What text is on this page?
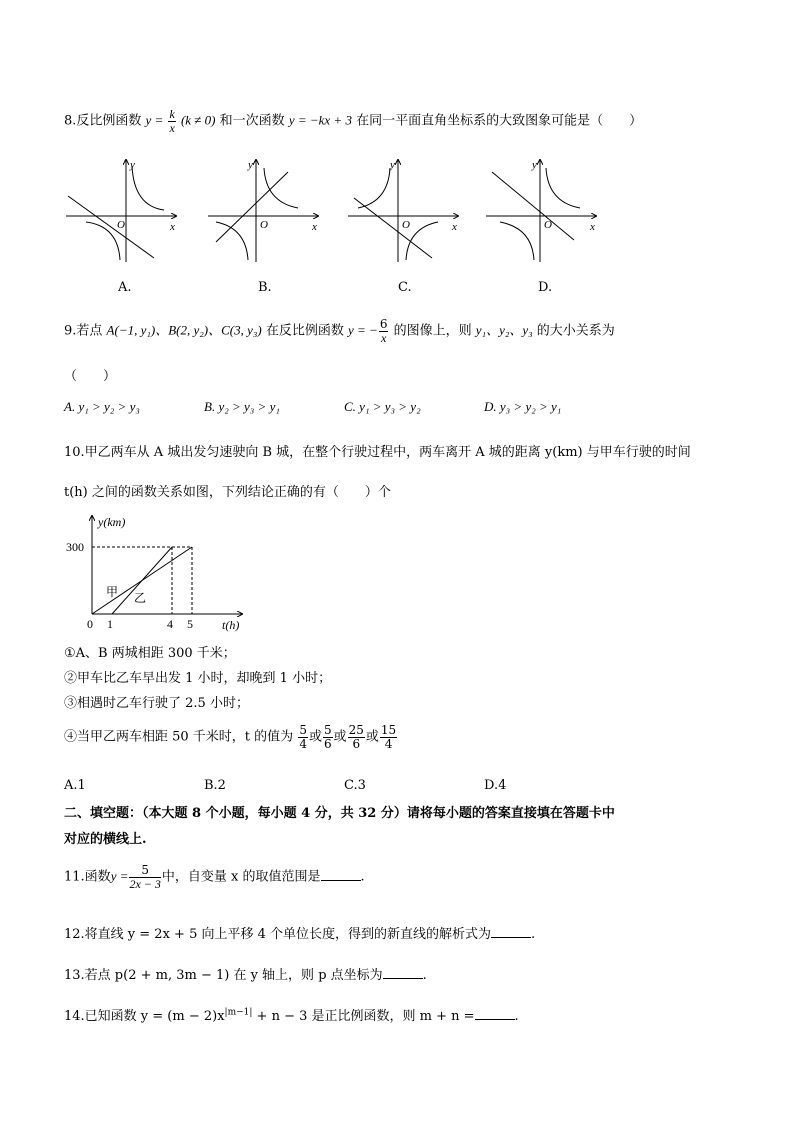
8.反比例函数 $y = \frac{k}{x} (k \ne 0)$ 和一次函数 y = −kx + 3 在同一平面直角坐标系的大致图象可能是（　　）
y
x
O
A.
y
x
O
B.
y
x
O
C.
y
x
O
D.
9.若点 A(−1, y₁)、B(2, y₂)、C(3, y₃) 在反比例函数 y = − $\frac{6}{x}$ 的图像上，则 y₁、y₂、y₃ 的大小关系为
（　　）
A. y₁ > y₂ > y₃	B. y₂ > y₃ > y₁	C. y₁ > y₃ > y₂	D. y₃ > y₂ > y₁
10.甲乙两车从 A 城出发匀速驶向 B 城，在整个行驶过程中，两车离开 A 城的距离 y(km) 与甲车行驶的时间
t(h) 之间的函数关系如图，下列结论正确的有（　　）个
y(km)
t(h)
300
0 1	4 5
甲 乙
①A、B 两城相距 300 千米；
②甲车比乙车早出发 1 小时，却晚到 1 小时；
③相遇时乙车行驶了 2.5 小时；
④当甲乙两车相距 50 千米时，t 的值为 $\frac{5}{4}$ 或 $\frac{5}{6}$ 或 $\frac{25}{6}$ 或 $\frac{15}{4}$
A.1	B.2	C.3	D.4
二、填空题：（本大题 8 个小题，每小题 4 分，共 32 分）请将每小题的答案直接填在答题卡中
对应的横线上.
11.函数$y = \frac{5}{2x - 3}$ 中，自变量 x 的取值范围是	.
12.将直线 y = 2x + 5 向上平移 4 个单位长度，得到的新直线的解析式为	.
13.若点 p(2 + m, 3m − 1) 在 y 轴上，则 p 点坐标为	.
14.已知函数 $y = (m - 2)x^{|m-1|} + n - 3$ 是正比例函数，则 m + n =	.
